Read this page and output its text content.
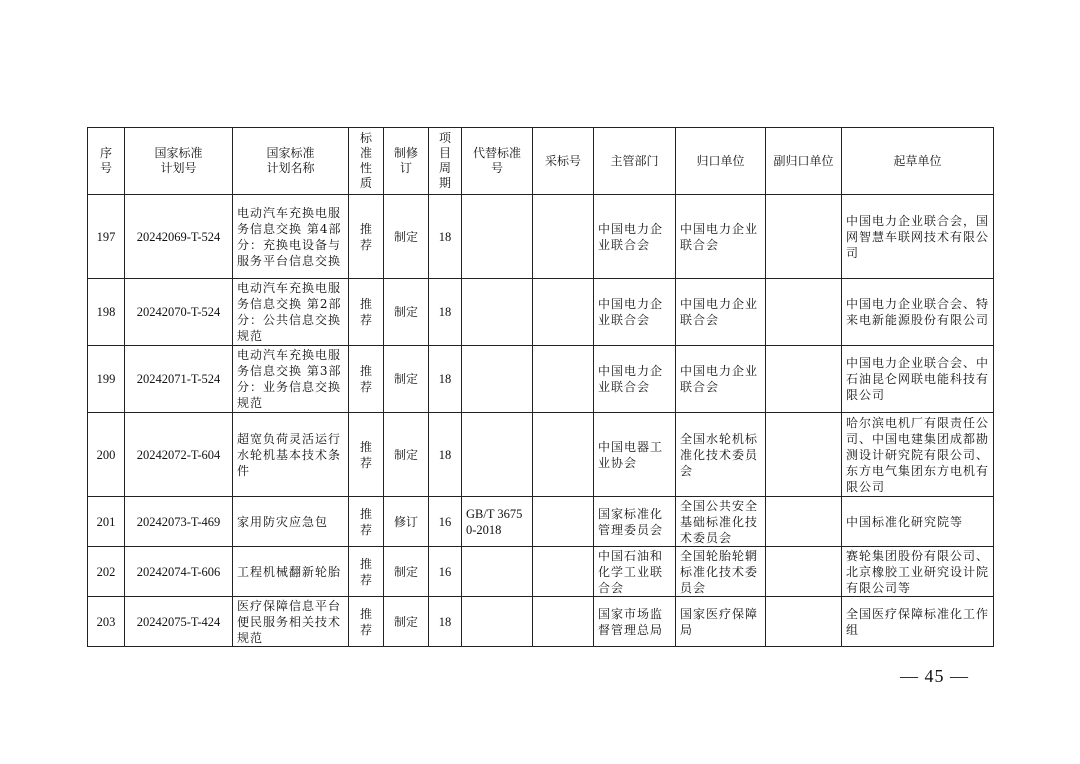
序号	国家标准计划号	国家标准计划名称	标准性质	制修订	项目周期	代替标准号	采标号	主管部门	归口单位	副归口单位	起草单位
197	20242069-T-524	电动汽车充换电服务信息交换 第4部分：充换电设备与服务平台信息交换	推荐	制定	18			中国电力企业联合会	中国电力企业联合会		中国电力企业联合会，国网智慧车联网技术有限公司
198	20242070-T-524	电动汽车充换电服务信息交换 第2部分：公共信息交换规范	推荐	制定	18			中国电力企业联合会	中国电力企业联合会		中国电力企业联合会、特来电新能源股份有限公司
199	20242071-T-524	电动汽车充换电服务信息交换 第3部分：业务信息交换规范	推荐	制定	18			中国电力企业联合会	中国电力企业联合会		中国电力企业联合会、中石油昆仑网联电能科技有限公司
200	20242072-T-604	超宽负荷灵活运行水轮机基本技术条件	推荐	制定	18			中国电器工业协会	全国水轮机标准化技术委员会		哈尔滨电机厂有限责任公司、中国电建集团成都勘测设计研究院有限公司、东方电气集团东方电机有限公司
201	20242073-T-469	家用防灾应急包	推荐	修订	16	GB/T 36750-2018		国家标准化管理委员会	全国公共安全基础标准化技术委员会		中国标准化研究院等
202	20242074-T-606	工程机械翻新轮胎	推荐	制定	16			中国石油和化学工业联合会	全国轮胎轮辋标准化技术委员会		赛轮集团股份有限公司、北京橡胶工业研究设计院有限公司等
203	20242075-T-424	医疗保障信息平台 便民服务相关技术规范	推荐	制定	18			国家市场监督管理总局	国家医疗保障局		全国医疗保障标准化工作组
— 45 —
